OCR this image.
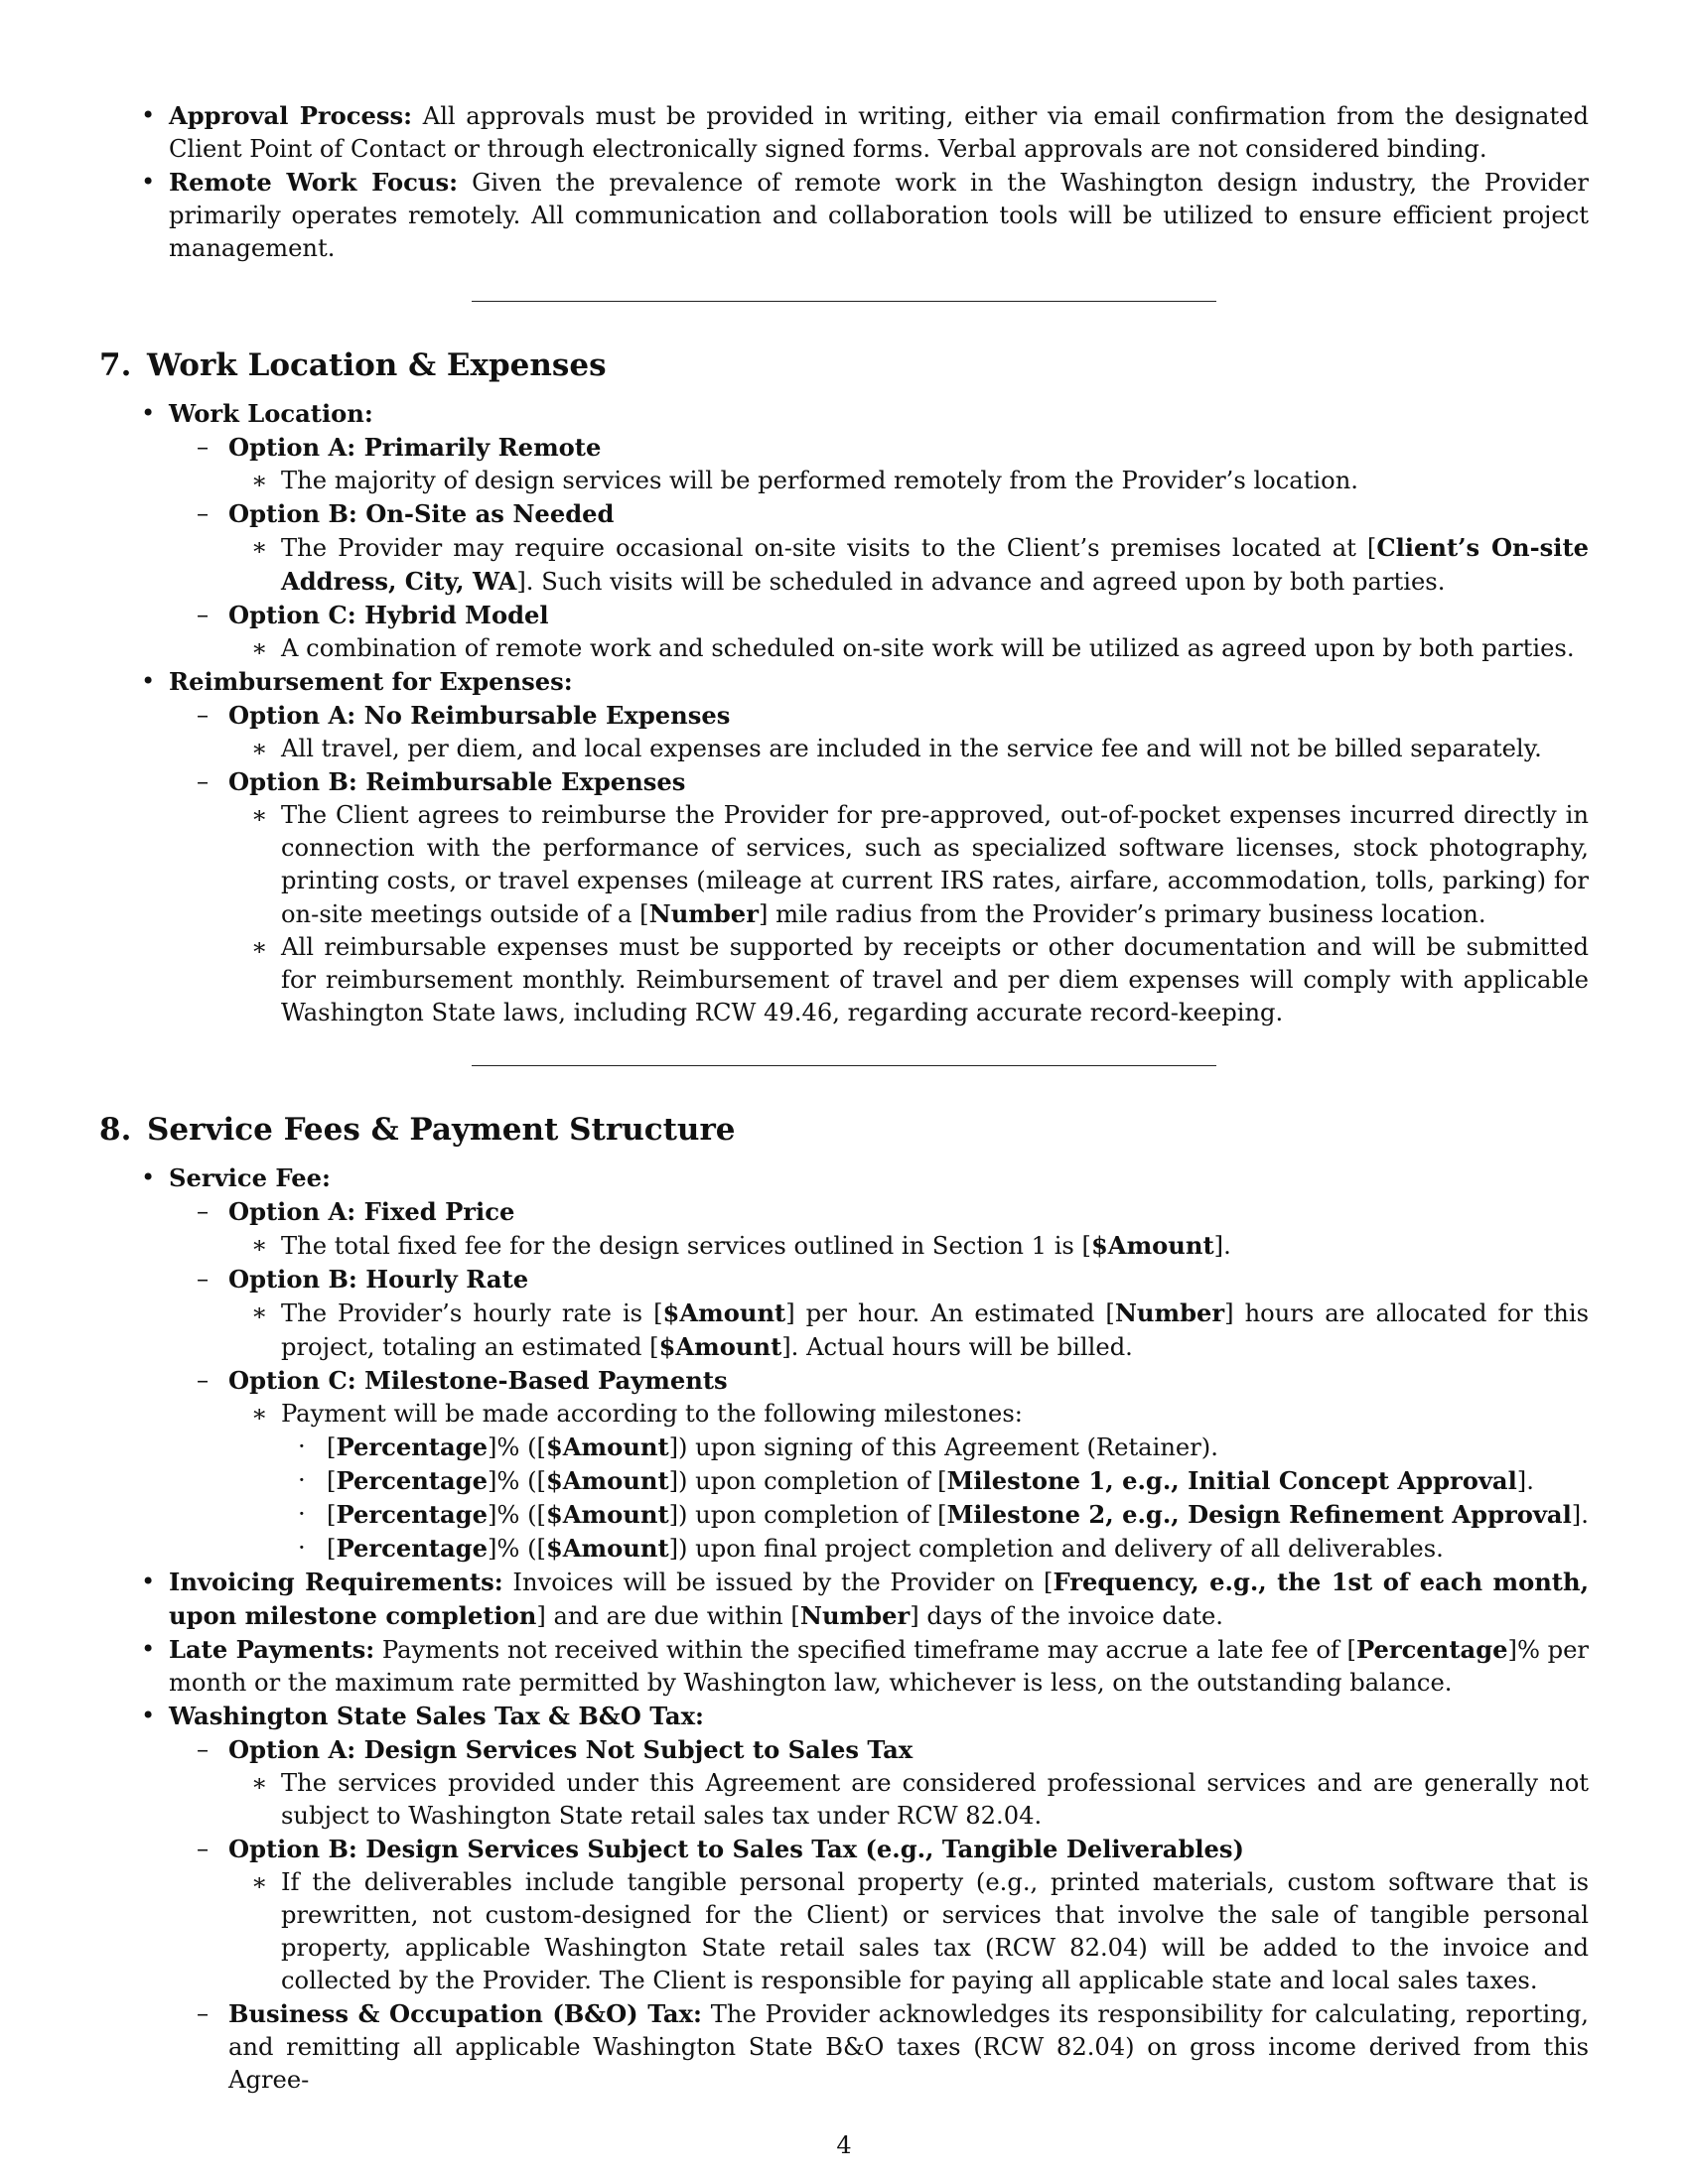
• Approval Process: All approvals must be provided in writing, either via email confirmation from the designated Client Point of Contact or through electronically signed forms. Verbal approvals are not considered binding.
• Remote Work Focus: Given the prevalence of remote work in the Washington design industry, the Provider primarily operates remotely. All communication and collaboration tools will be utilized to ensure efficient project management.
7. Work Location & Expenses
• Work Location:
– Option A: Primarily Remote
∗ The majority of design services will be performed remotely from the Provider’s location.
– Option B: On-Site as Needed
∗ The Provider may require occasional on-site visits to the Client’s premises located at [Client’s On-site Address, City, WA]. Such visits will be scheduled in advance and agreed upon by both parties.
– Option C: Hybrid Model
∗ A combination of remote work and scheduled on-site work will be utilized as agreed upon by both parties.
• Reimbursement for Expenses:
– Option A: No Reimbursable Expenses
∗ All travel, per diem, and local expenses are included in the service fee and will not be billed separately.
– Option B: Reimbursable Expenses
∗ The Client agrees to reimburse the Provider for pre-approved, out-of-pocket expenses incurred directly in connection with the performance of services, such as specialized software licenses, stock photography, printing costs, or travel expenses (mileage at current IRS rates, airfare, accommodation, tolls, parking) for on-site meetings outside of a [Number] mile radius from the Provider’s primary business location.
∗ All reimbursable expenses must be supported by receipts or other documentation and will be submitted for reimbursement monthly. Reimbursement of travel and per diem expenses will comply with applicable Washington State laws, including RCW 49.46, regarding accurate record-keeping.
8. Service Fees & Payment Structure
• Service Fee:
– Option A: Fixed Price
∗ The total fixed fee for the design services outlined in Section 1 is [$Amount].
– Option B: Hourly Rate
∗ The Provider’s hourly rate is [$Amount] per hour. An estimated [Number] hours are allocated for this project, totaling an estimated [$Amount]. Actual hours will be billed.
– Option C: Milestone-Based Payments
∗ Payment will be made according to the following milestones:
· [Percentage]% ([$Amount]) upon signing of this Agreement (Retainer).
· [Percentage]% ([$Amount]) upon completion of [Milestone 1, e.g., Initial Concept Approval].
· [Percentage]% ([$Amount]) upon completion of [Milestone 2, e.g., Design Refinement Approval].
· [Percentage]% ([$Amount]) upon final project completion and delivery of all deliverables.
• Invoicing Requirements: Invoices will be issued by the Provider on [Frequency, e.g., the 1st of each month, upon milestone completion] and are due within [Number] days of the invoice date.
• Late Payments: Payments not received within the specified timeframe may accrue a late fee of [Percentage]% per month or the maximum rate permitted by Washington law, whichever is less, on the outstanding balance.
• Washington State Sales Tax & B&O Tax:
– Option A: Design Services Not Subject to Sales Tax
∗ The services provided under this Agreement are considered professional services and are generally not subject to Washington State retail sales tax under RCW 82.04.
– Option B: Design Services Subject to Sales Tax (e.g., Tangible Deliverables)
∗ If the deliverables include tangible personal property (e.g., printed materials, custom software that is prewritten, not custom-designed for the Client) or services that involve the sale of tangible personal property, applicable Washington State retail sales tax (RCW 82.04) will be added to the invoice and collected by the Provider. The Client is responsible for paying all applicable state and local sales taxes.
– Business & Occupation (B&O) Tax: The Provider acknowledges its responsibility for calculating, reporting, and remitting all applicable Washington State B&O taxes (RCW 82.04) on gross income derived from this Agree-
4
